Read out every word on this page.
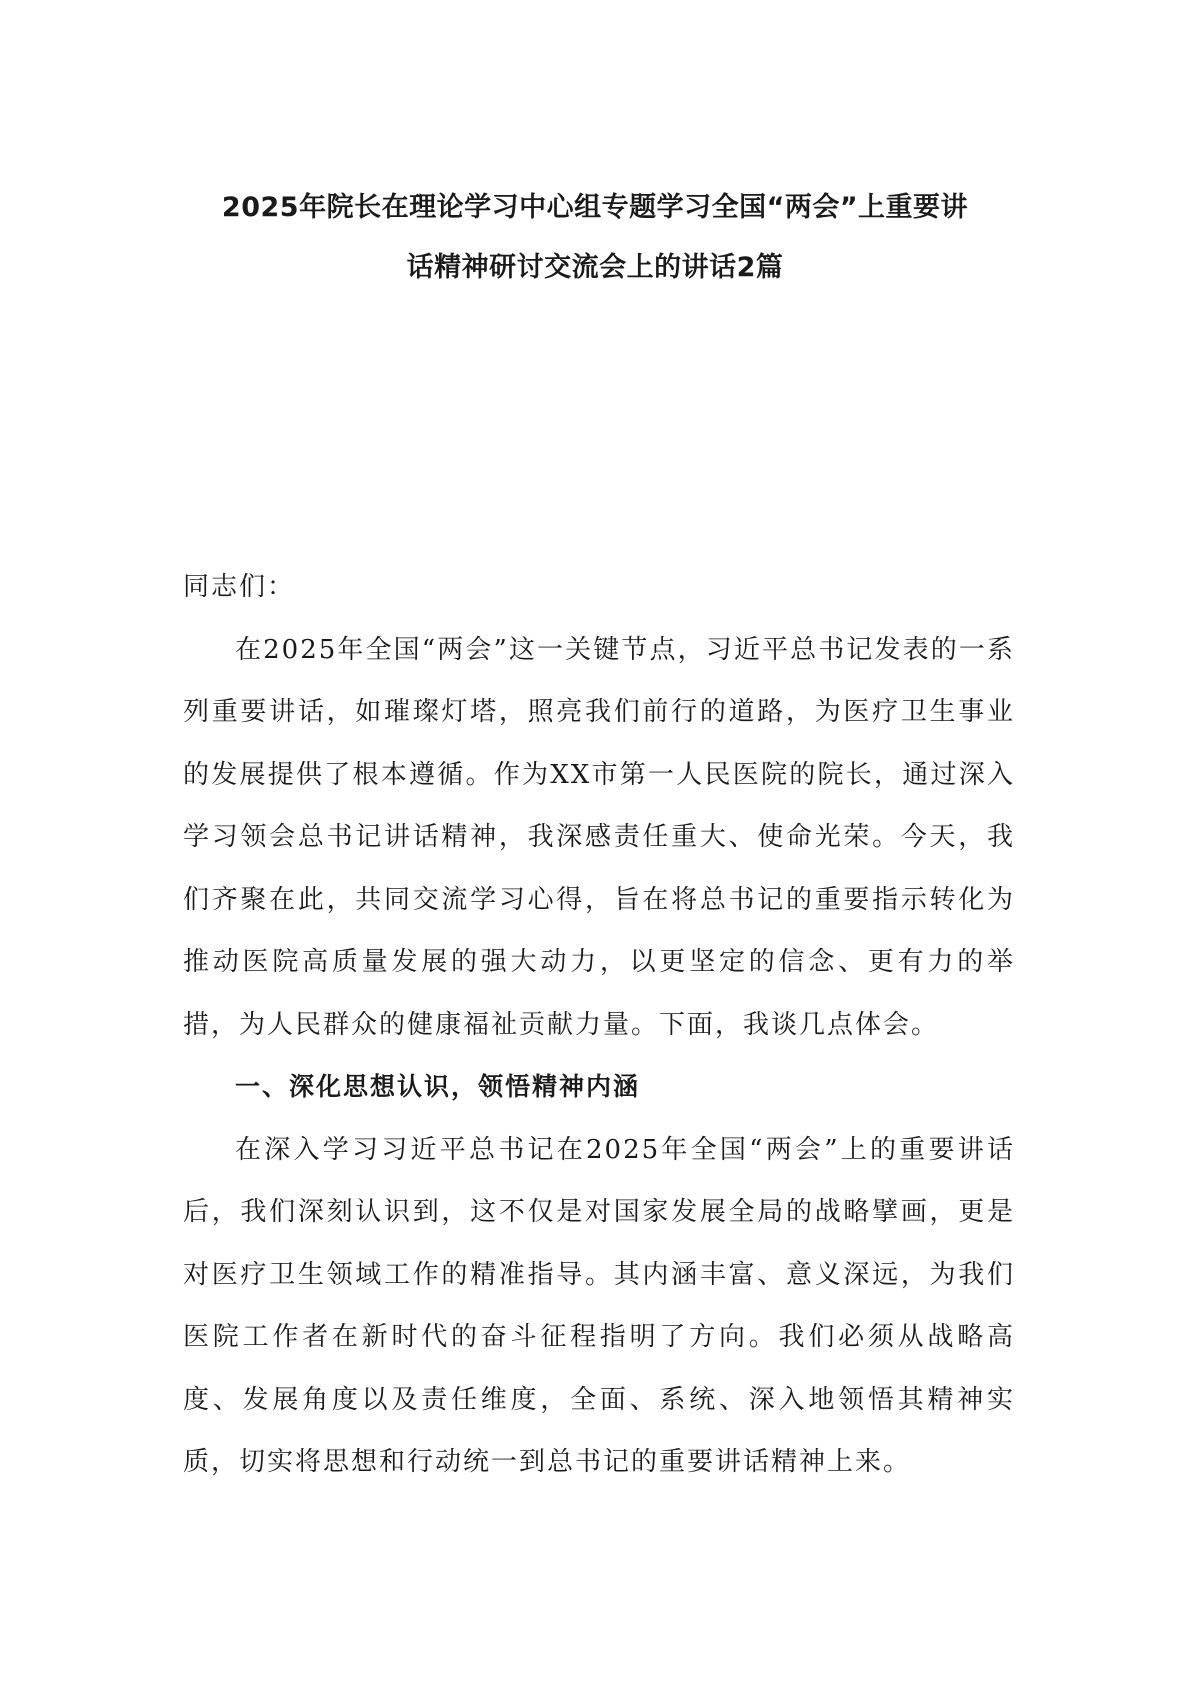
2025年院长在理论学习中心组专题学习全国“两会”上重要讲
话精神研讨交流会上的讲话2篇

同志们：

在2025年全国“两会”这一关键节点，习近平总书记发表的一系列重要讲话，如璀璨灯塔，照亮我们前行的道路，为医疗卫生事业的发展提供了根本遵循。作为XX市第一人民医院的院长，通过深入学习领会总书记讲话精神，我深感责任重大、使命光荣。今天，我们齐聚在此，共同交流学习心得，旨在将总书记的重要指示转化为推动医院高质量发展的强大动力，以更坚定的信念、更有力的举措，为人民群众的健康福祉贡献力量。下面，我谈几点体会。

一、深化思想认识，领悟精神内涵

在深入学习习近平总书记在2025年全国“两会”上的重要讲话后，我们深刻认识到，这不仅是对国家发展全局的战略擘画，更是对医疗卫生领域工作的精准指导。其内涵丰富、意义深远，为我们医院工作者在新时代的奋斗征程指明了方向。我们必须从战略高度、发展角度以及责任维度，全面、系统、深入地领悟其精神实质，切实将思想和行动统一到总书记的重要讲话精神上来。
